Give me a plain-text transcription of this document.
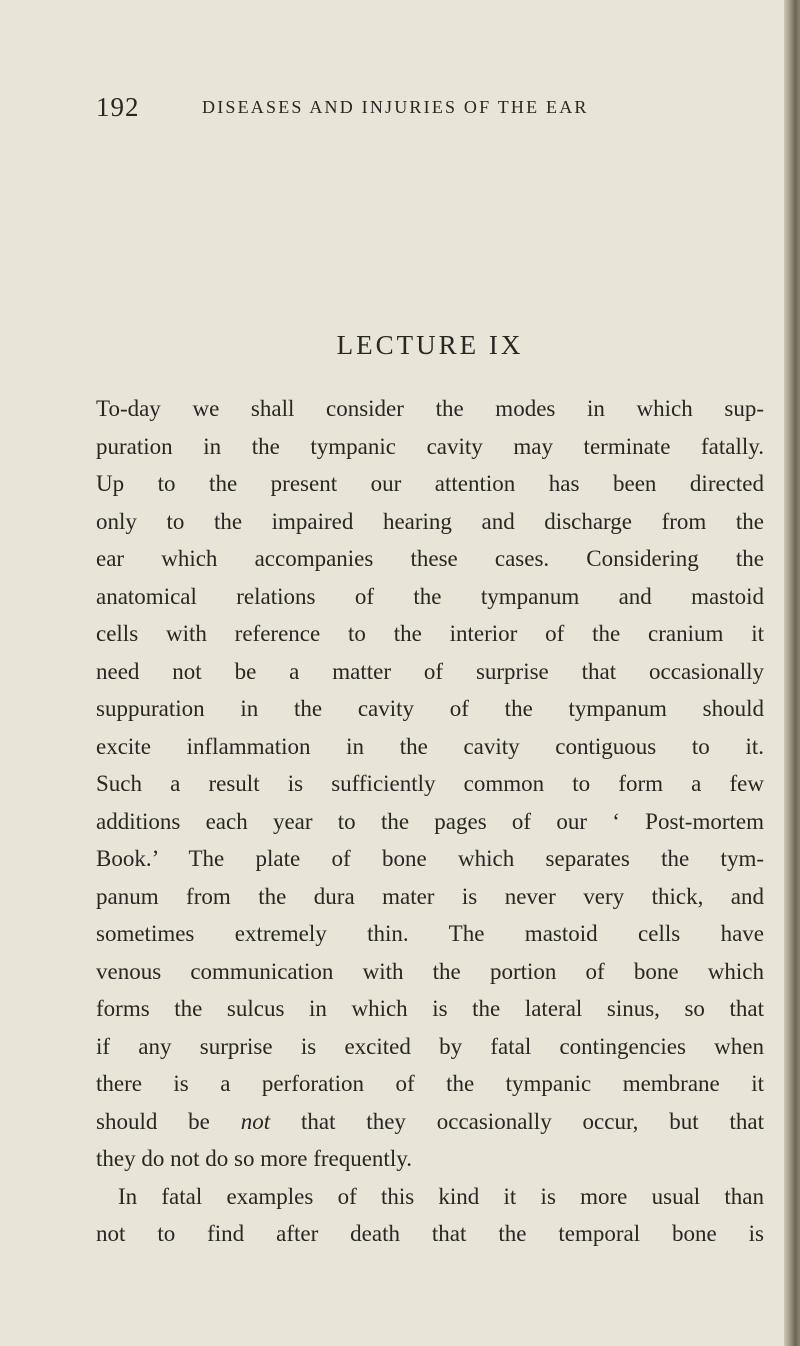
192	DISEASES AND INJURIES OF THE EAR
LECTURE IX
To-day we shall consider the modes in which sup-
puration in the tympanic cavity may terminate fatally.
Up to the present our attention has been directed
only to the impaired hearing and discharge from the
ear which accompanies these cases. Considering the
anatomical relations of the tympanum and mastoid
cells with reference to the interior of the cranium it
need not be a matter of surprise that occasionally
suppuration in the cavity of the tympanum should
excite inflammation in the cavity contiguous to it.
Such a result is sufficiently common to form a few
additions each year to the pages of our ‘ Post-mortem
Book.’ The plate of bone which separates the tym-
panum from the dura mater is never very thick, and
sometimes extremely thin. The mastoid cells have
venous communication with the portion of bone which
forms the sulcus in which is the lateral sinus, so that
if any surprise is excited by fatal contingencies when
there is a perforation of the tympanic membrane it
should be not that they occasionally occur, but that
they do not do so more frequently.
In fatal examples of this kind it is more usual than
not to find after death that the temporal bone is
